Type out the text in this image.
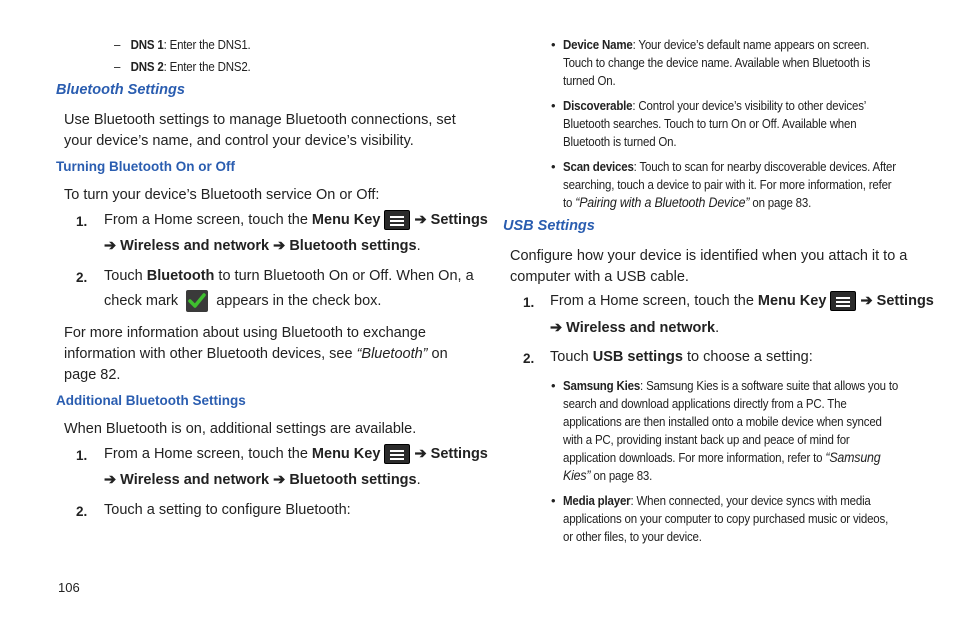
– DNS 1: Enter the DNS1.
– DNS 2: Enter the DNS2.
Bluetooth Settings
Use Bluetooth settings to manage Bluetooth connections, set
your device’s name, and control your device’s visibility.
Turning Bluetooth On or Off
To turn your device’s Bluetooth service On or Off:
1. From a Home screen, touch the Menu Key
➔ Settings
➔ Wireless and network ➔ Bluetooth settings.
2. Touch Bluetooth to turn Bluetooth On or Off. When On, a
check mark	appears in the check box.
For more information about using Bluetooth to exchange
information with other Bluetooth devices, see “Bluetooth” on
page 82.
Additional Bluetooth Settings
When Bluetooth is on, additional settings are available.
1. From a Home screen, touch the Menu Key
➔ Settings
➔ Wireless and network ➔ Bluetooth settings.
2. Touch a setting to configure Bluetooth:
106
• Device Name: Your device’s default name appears on screen.
Touch to change the device name. Available when Bluetooth is
turned On.
• Discoverable: Control your device’s visibility to other devices’
Bluetooth searches. Touch to turn On or Off. Available when
Bluetooth is turned On.
• Scan devices: Touch to scan for nearby discoverable devices. After
searching, touch a device to pair with it. For more information, refer
to “Pairing with a Bluetooth Device” on page 83.
USB Settings
Configure how your device is identified when you attach it to a
computer with a USB cable.
1. From a Home screen, touch the Menu Key
➔ Settings
➔ Wireless and network.
2. Touch USB settings to choose a setting:
• Samsung Kies: Samsung Kies is a software suite that allows you to
search and download applications directly from a PC. The
applications are then installed onto a mobile device when synced
with a PC, providing instant back up and peace of mind for
application downloads. For more information, refer to “Samsung
Kies” on page 83.
• Media player: When connected, your device syncs with media
applications on your computer to copy purchased music or videos,
or other files, to your device.
